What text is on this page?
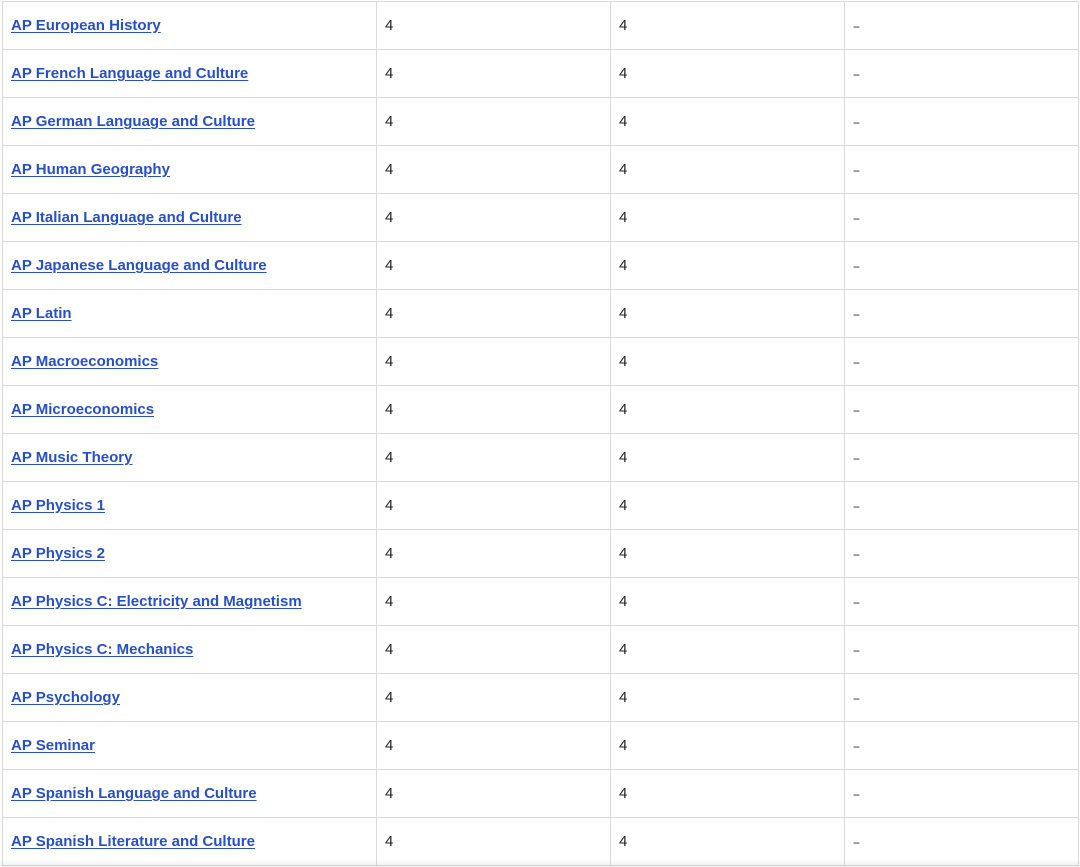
AP European History	4	4	--
AP French Language and Culture	4	4	--
AP German Language and Culture	4	4	--
AP Human Geography	4	4	--
AP Italian Language and Culture	4	4	--
AP Japanese Language and Culture	4	4	--
AP Latin	4	4	--
AP Macroeconomics	4	4	--
AP Microeconomics	4	4	--
AP Music Theory	4	4	--
AP Physics 1	4	4	--
AP Physics 2	4	4	--
AP Physics C: Electricity and Magnetism	4	4	--
AP Physics C: Mechanics	4	4	--
AP Psychology	4	4	--
AP Seminar	4	4	--
AP Spanish Language and Culture	4	4	--
AP Spanish Literature and Culture	4	4	--
